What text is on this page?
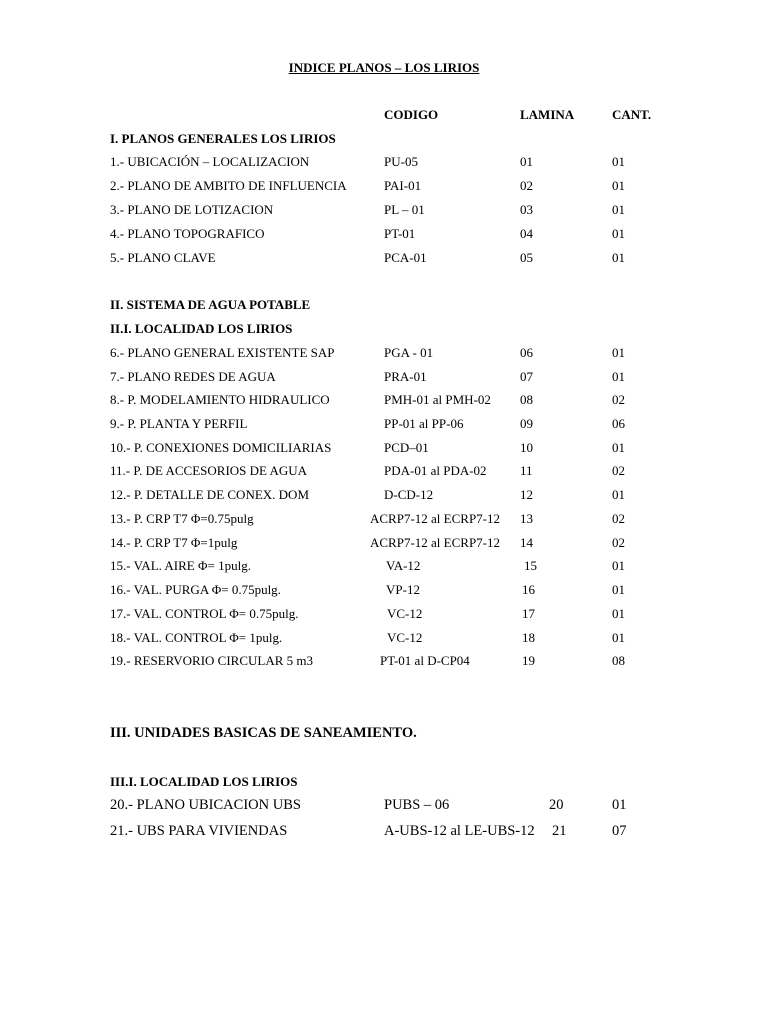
INDICE PLANOS – LOS LIRIOS
CODIGO	LAMINA	CANT.
I. PLANOS GENERALES LOS LIRIOS
1.- UBICACIÓN – LOCALIZACION	PU-05	01	01
2.- PLANO DE AMBITO DE INFLUENCIA	PAI-01	02	01
3.- PLANO DE LOTIZACION	PL – 01	03	01
4.- PLANO TOPOGRAFICO	PT-01	04	01
5.- PLANO CLAVE	PCA-01	05	01
II. SISTEMA DE AGUA POTABLE
II.I. LOCALIDAD LOS LIRIOS
6.- PLANO GENERAL EXISTENTE SAP	PGA - 01	06	01
7.- PLANO REDES DE AGUA	PRA-01	07	01
8.- P. MODELAMIENTO HIDRAULICO	PMH-01 al PMH-02 08	02
9.- P. PLANTA Y PERFIL	PP-01 al PP-06	09	06
10.- P. CONEXIONES DOMICILIARIAS	PCD–01	10	01
11.- P. DE ACCESORIOS DE AGUA	PDA-01 al PDA-02	11	02
12.- P. DETALLE DE CONEX. DOM	D-CD-12	12	01
13.- P. CRP T7 Φ=0.75pulg	ACRP7-12 al ECRP7-12 13	02
14.- P. CRP T7 Φ=1pulg	ACRP7-12 al ECRP7-12 14	02
15.- VAL. AIRE Φ= 1pulg.	VA-12	15	01
16.- VAL. PURGA Φ= 0.75pulg.	VP-12	16	01
17.- VAL. CONTROL Φ= 0.75pulg.	VC-12	17	01
18.- VAL. CONTROL Φ= 1pulg.	VC-12	18	01
19.- RESERVORIO CIRCULAR 5 m3	PT-01 al D-CP04	19	08
III. UNIDADES BASICAS DE SANEAMIENTO.
III.I. LOCALIDAD LOS LIRIOS
20.- PLANO UBICACION UBS	PUBS – 06	20	01
21.- UBS PARA VIVIENDAS	A-UBS-12 al LE-UBS-12 21	07
